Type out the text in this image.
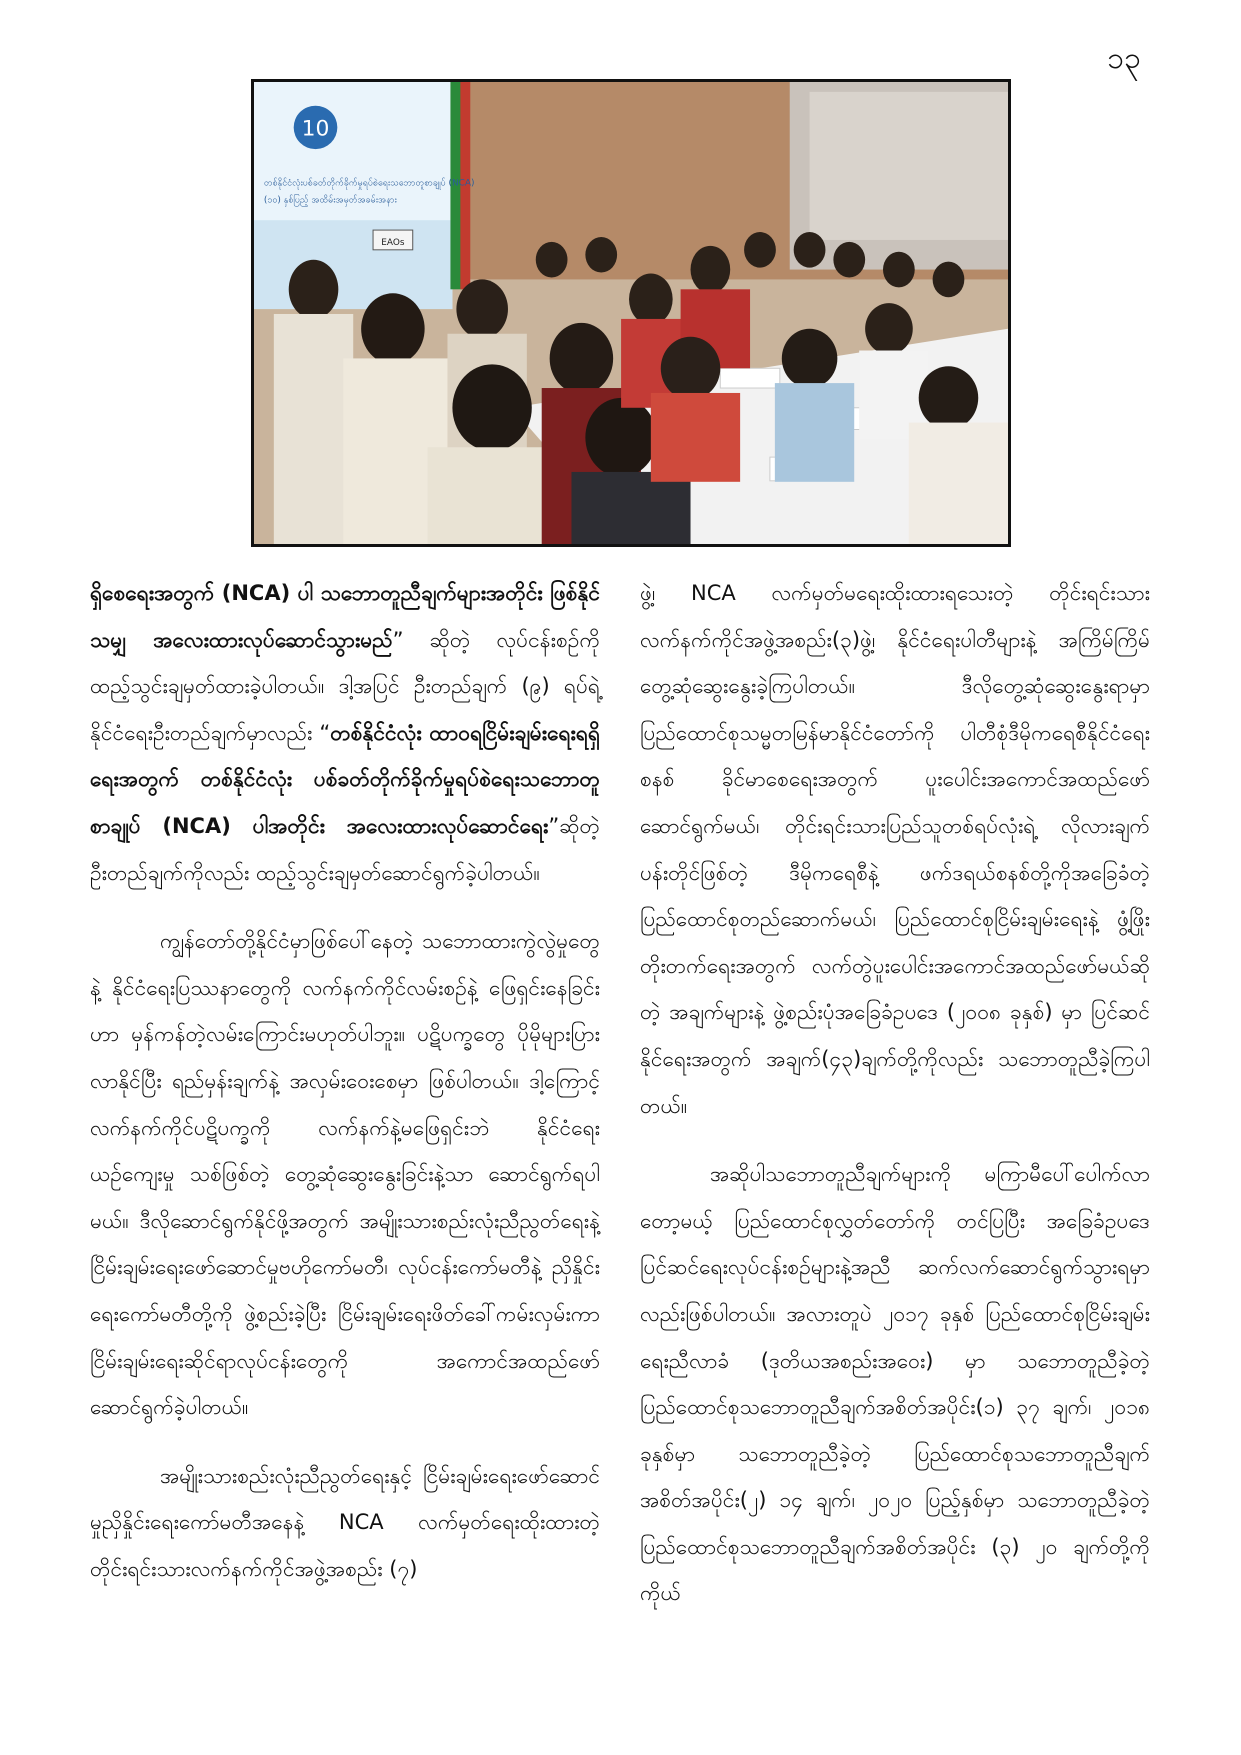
၁၃
10
တစ်နိုင်ငံလုံးပစ်ခတ်တိုက်ခိုက်မှုရပ်စဲရေးသဘောတူစာချုပ် (NCA)
(၁၀) နှစ်ပြည့် အထိမ်းအမှတ်အခမ်းအနား
EAOs

ရှိစေရေးအတွက် (NCA) ပါ သဘောတူညီချက်များအတိုင်း ဖြစ်နိုင်သမျှ အလေးထားလုပ်ဆောင်သွားမည်” ဆိုတဲ့ လုပ်ငန်းစဉ်ကို ထည့်သွင်းချမှတ်ထားခဲ့ပါတယ်။ ဒါ့အပြင် ဦးတည်ချက် (၉) ရပ်ရဲ့ နိုင်ငံရေးဦးတည်ချက်မှာလည်း “တစ်နိုင်ငံလုံး ထာဝရငြိမ်းချမ်းရေးရရှိရေးအတွက် တစ်နိုင်ငံလုံး ပစ်ခတ်တိုက်ခိုက်မှုရပ်စဲရေးသဘောတူစာချုပ် (NCA) ပါအတိုင်း အလေးထားလုပ်ဆောင်ရေး”ဆိုတဲ့ ဦးတည်ချက်ကိုလည်း ထည့်သွင်းချမှတ်ဆောင်ရွက်ခဲ့ပါတယ်။

ကျွန်တော်တို့နိုင်ငံမှာဖြစ်ပေါ်နေတဲ့ သဘောထားကွဲလွဲမှုတွေနဲ့ နိုင်ငံရေးပြဿနာတွေကို လက်နက်ကိုင်လမ်းစဉ်နဲ့ ဖြေရှင်းနေခြင်းဟာ မှန်ကန်တဲ့လမ်းကြောင်းမဟုတ်ပါဘူး။ ပဋိပက္ခတွေ ပိုမိုများပြားလာနိုင်ပြီး ရည်မှန်းချက်နဲ့ အလှမ်းဝေးစေမှာ ဖြစ်ပါတယ်။ ဒါ့ကြောင့် လက်နက်ကိုင်ပဋိပက္ခကို လက်နက်နဲ့မဖြေရှင်းဘဲ နိုင်ငံရေးယဉ်ကျေးမှု သစ်ဖြစ်တဲ့ တွေ့ဆုံဆွေးနွေးခြင်းနဲ့သာ ဆောင်ရွက်ရပါမယ်။ ဒီလိုဆောင်ရွက်နိုင်ဖို့အတွက် အမျိုးသားစည်းလုံးညီညွတ်ရေးနဲ့ ငြိမ်းချမ်းရေးဖော်ဆောင်မှုဗဟိုကော်မတီ၊ လုပ်ငန်းကော်မတီနဲ့ ညှိနှိုင်းရေးကော်မတီတို့ကို ဖွဲ့စည်းခဲ့ပြီး ငြိမ်းချမ်းရေးဖိတ်ခေါ်ကမ်းလှမ်းကာ ငြိမ်းချမ်းရေးဆိုင်ရာလုပ်ငန်းတွေကို အကောင်အထည်ဖော် ဆောင်ရွက်ခဲ့ပါတယ်။

အမျိုးသားစည်းလုံးညီညွတ်ရေးနှင့် ငြိမ်းချမ်းရေးဖော်ဆောင်မှုညှိနှိုင်းရေးကော်မတီအနေနဲ့ NCA လက်မှတ်ရေးထိုးထားတဲ့ တိုင်းရင်းသားလက်နက်ကိုင်အဖွဲ့အစည်း (၇)

ဖွဲ့၊ NCA လက်မှတ်မရေးထိုးထားရသေးတဲ့ တိုင်းရင်းသားလက်နက်ကိုင်အဖွဲ့အစည်း(၃)ဖွဲ့၊ နိုင်ငံရေးပါတီများနဲ့ အကြိမ်ကြိမ် တွေ့ဆုံဆွေးနွေးခဲ့ကြပါတယ်။ ဒီလိုတွေ့ဆုံဆွေးနွေးရာမှာ ပြည်ထောင်စုသမ္မတမြန်မာနိုင်ငံတော်ကို ပါတီစုံဒီမိုကရေစီနိုင်ငံရေးစနစ် ခိုင်မာစေရေးအတွက် ပူးပေါင်းအကောင်အထည်ဖော် ဆောင်ရွက်မယ်၊ တိုင်းရင်းသားပြည်သူတစ်ရပ်လုံးရဲ့ လိုလားချက်ပန်းတိုင်ဖြစ်တဲ့ ဒီမိုကရေစီနဲ့ ဖက်ဒရယ်စနစ်တို့ကိုအခြေခံတဲ့ ပြည်ထောင်စုတည်ဆောက်မယ်၊ ပြည်ထောင်စုငြိမ်းချမ်းရေးနဲ့ ဖွံ့ဖြိုးတိုးတက်ရေးအတွက် လက်တွဲပူးပေါင်းအကောင်အထည်ဖော်မယ်ဆိုတဲ့ အချက်များနဲ့ ဖွဲ့စည်းပုံအခြေခံဥပဒေ (၂၀၀၈ ခုနှစ်) မှာ ပြင်ဆင်နိုင်ရေးအတွက် အချက်(၄၃)ချက်တို့ကိုလည်း သဘောတူညီခဲ့ကြပါတယ်။

အဆိုပါသဘောတူညီချက်များကို မကြာမီပေါ်ပေါက်လာတော့မယ့် ပြည်ထောင်စုလွှတ်တော်ကို တင်ပြပြီး အခြေခံဥပဒေပြင်ဆင်ရေးလုပ်ငန်းစဉ်များနဲ့အညီ ဆက်လက်ဆောင်ရွက်သွားရမှာလည်းဖြစ်ပါတယ်။ အလားတူပဲ ၂၀၁၇ ခုနှစ် ပြည်ထောင်စုငြိမ်းချမ်းရေးညီလာခံ (ဒုတိယအစည်းအဝေး) မှာ သဘောတူညီခဲ့တဲ့ ပြည်ထောင်စုသဘောတူညီချက်အစိတ်အပိုင်း(၁) ၃၇ ချက်၊ ၂၀၁၈ ခုနှစ်မှာ သဘောတူညီခဲ့တဲ့ ပြည်ထောင်စုသဘောတူညီချက်အစိတ်အပိုင်း(၂) ၁၄ ချက်၊ ၂၀၂၀ ပြည့်နှစ်မှာ သဘောတူညီခဲ့တဲ့ ပြည်ထောင်စုသဘောတူညီချက်အစိတ်အပိုင်း (၃) ၂၀ ချက်တို့ကို ကိုယ်
